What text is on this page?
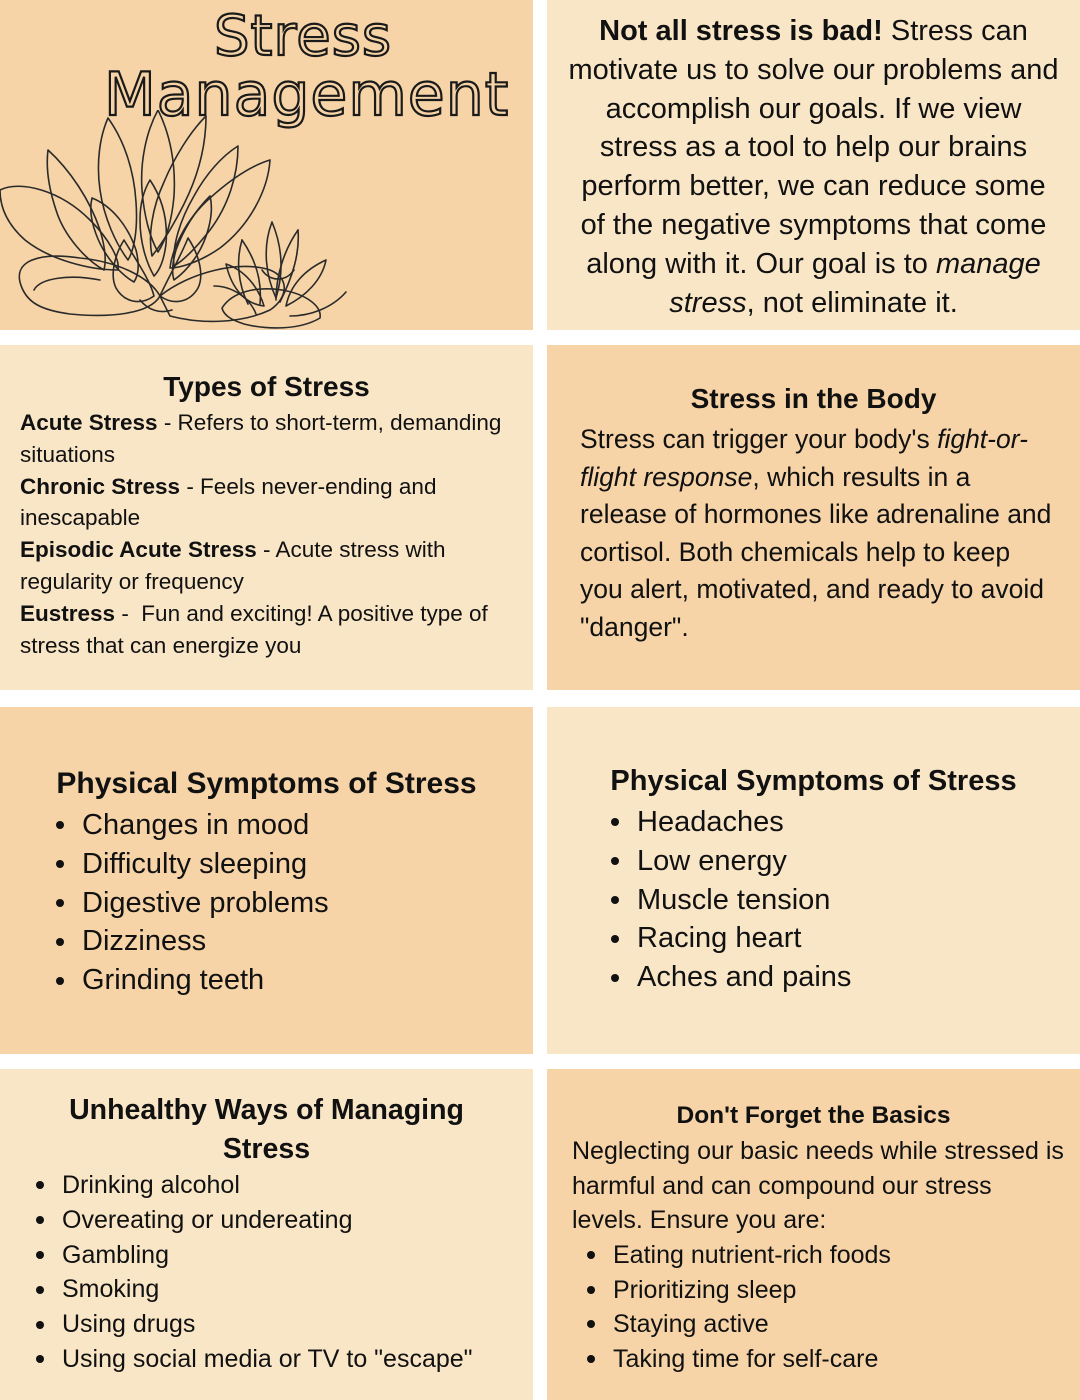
Stress
Management

Not all stress is bad! Stress can motivate us to solve our problems and accomplish our goals. If we view stress as a tool to help our brains perform better, we can reduce some of the negative symptoms that come along with it. Our goal is to manage stress, not eliminate it.

Types of Stress

Acute Stress - Refers to short-term, demanding situations

Chronic Stress - Feels never-ending and inescapable

Episodic Acute Stress - Acute stress with regularity or frequency

Eustress -  Fun and exciting! A positive type of stress that can energize you

Stress in the Body

Stress can trigger your body's fight-or-flight response, which results in a release of hormones like adrenaline and cortisol. Both chemicals help to keep you alert, motivated, and ready to avoid "danger".

Physical Symptoms of Stress
Changes in mood
Difficulty sleeping
Digestive problems
Dizziness
Grinding teeth
Physical Symptoms of Stress
Headaches
Low energy
Muscle tension
Racing heart
Aches and pains
Unhealthy Ways of Managing
Stress
Drinking alcohol
Overeating or undereating
Gambling
Smoking
Using drugs
Using social media or TV to "escape"
Don't Forget the Basics

Neglecting our basic needs while stressed is harmful and can compound our stress levels. Ensure you are:

Eating nutrient-rich foods
Prioritizing sleep
Staying active
Taking time for self-care
